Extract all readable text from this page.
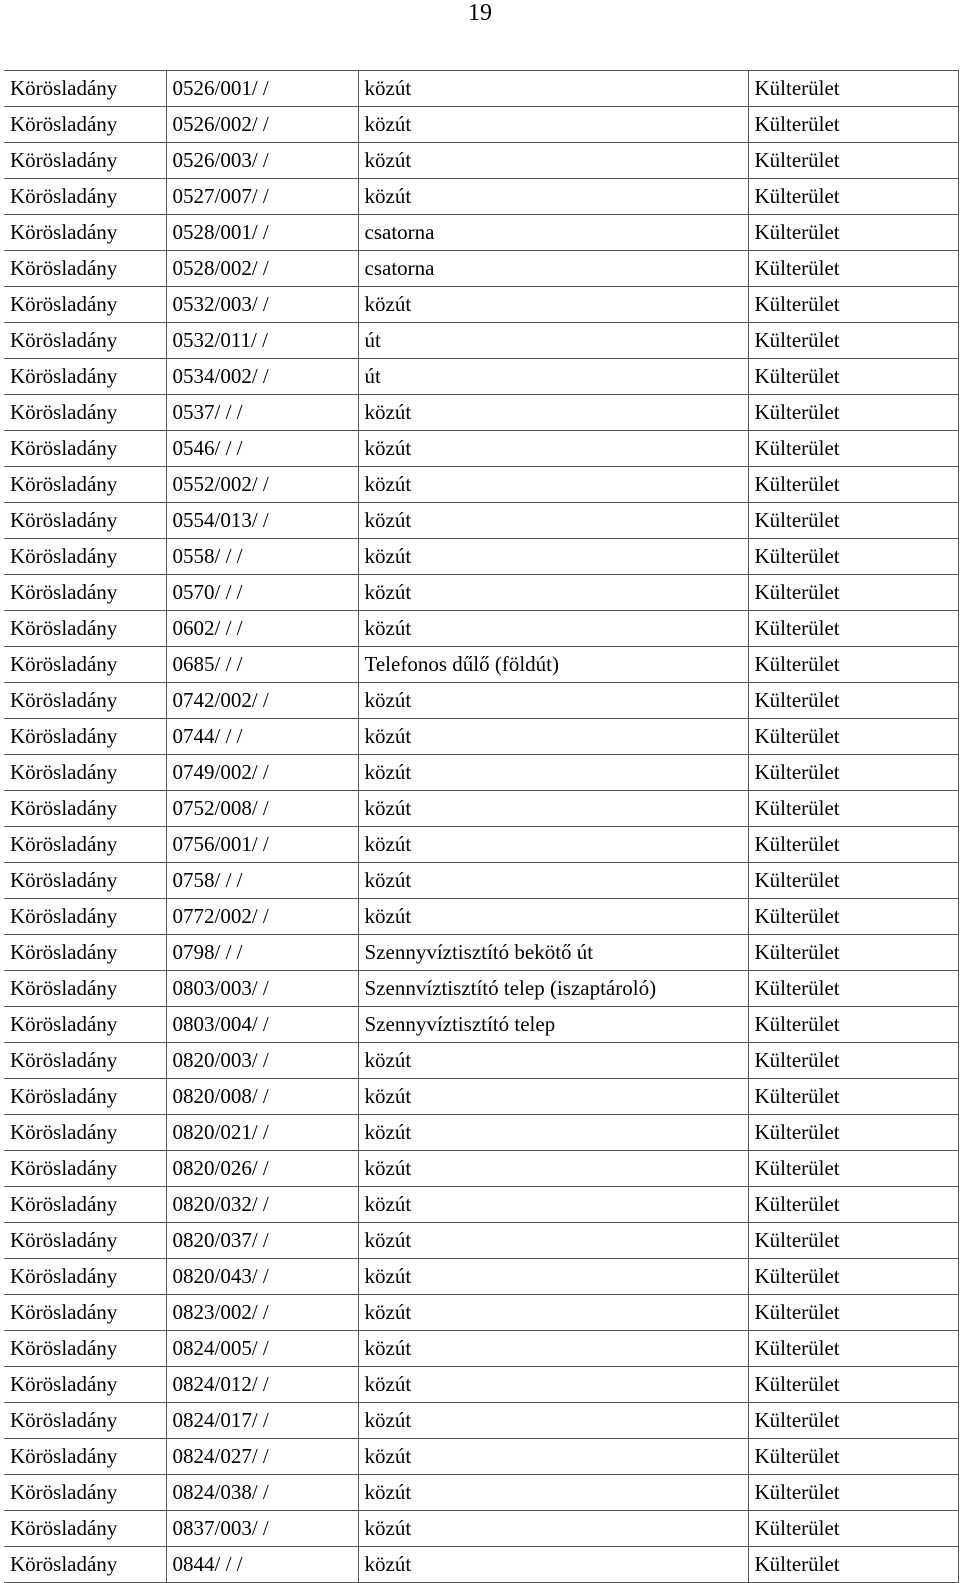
19
Körösladány	0526/001/ /	közút	Külterület
Körösladány	0526/002/ /	közút	Külterület
Körösladány	0526/003/ /	közút	Külterület
Körösladány	0527/007/ /	közút	Külterület
Körösladány	0528/001/ /	csatorna	Külterület
Körösladány	0528/002/ /	csatorna	Külterület
Körösladány	0532/003/ /	közút	Külterület
Körösladány	0532/011/ /	út	Külterület
Körösladány	0534/002/ /	út	Külterület
Körösladány	0537/ / /	közút	Külterület
Körösladány	0546/ / /	közút	Külterület
Körösladány	0552/002/ /	közút	Külterület
Körösladány	0554/013/ /	közút	Külterület
Körösladány	0558/ / /	közút	Külterület
Körösladány	0570/ / /	közút	Külterület
Körösladány	0602/ / /	közút	Külterület
Körösladány	0685/ / /	Telefonos dűlő (földút)	Külterület
Körösladány	0742/002/ /	közút	Külterület
Körösladány	0744/ / /	közút	Külterület
Körösladány	0749/002/ /	közút	Külterület
Körösladány	0752/008/ /	közút	Külterület
Körösladány	0756/001/ /	közút	Külterület
Körösladány	0758/ / /	közút	Külterület
Körösladány	0772/002/ /	közút	Külterület
Körösladány	0798/ / /	Szennyvíztisztító bekötő út	Külterület
Körösladány	0803/003/ /	Szennvíztisztító telep (iszaptároló)	Külterület
Körösladány	0803/004/ /	Szennyvíztisztító telep	Külterület
Körösladány	0820/003/ /	közút	Külterület
Körösladány	0820/008/ /	közút	Külterület
Körösladány	0820/021/ /	közút	Külterület
Körösladány	0820/026/ /	közút	Külterület
Körösladány	0820/032/ /	közút	Külterület
Körösladány	0820/037/ /	közút	Külterület
Körösladány	0820/043/ /	közút	Külterület
Körösladány	0823/002/ /	közút	Külterület
Körösladány	0824/005/ /	közút	Külterület
Körösladány	0824/012/ /	közút	Külterület
Körösladány	0824/017/ /	közút	Külterület
Körösladány	0824/027/ /	közút	Külterület
Körösladány	0824/038/ /	közút	Külterület
Körösladány	0837/003/ /	közút	Külterület
Körösladány	0844/ / /	közút	Külterület
